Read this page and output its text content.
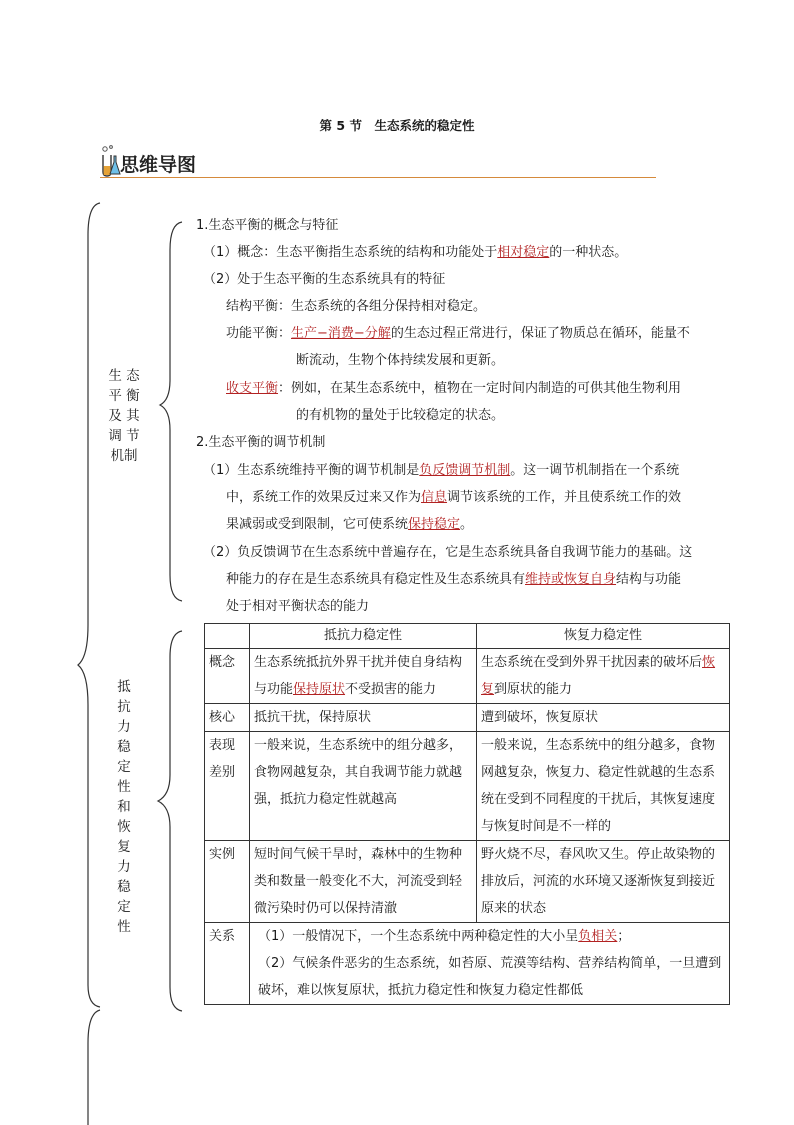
第 5 节　生态系统的稳定性
思维导图
生 态
平 衡
及 其
调 节
机制
1.生态平衡的概念与特征
（1）概念：生态平衡指生态系统的结构和功能处于相对稳定的一种状态。
（2）处于生态平衡的生态系统具有的特征
结构平衡：生态系统的各组分保持相对稳定。
功能平衡：生产−消费−分解的生态过程正常进行，保证了物质总在循环，能量不
断流动，生物个体持续发展和更新。
收支平衡：例如，在某生态系统中，植物在一定时间内制造的可供其他生物利用
的有机物的量处于比较稳定的状态。
2.生态平衡的调节机制
（1）生态系统维持平衡的调节机制是负反馈调节机制。这一调节机制指在一个系统
中，系统工作的效果反过来又作为信息调节该系统的工作，并且使系统工作的效
果减弱或受到限制，它可使系统保持稳定。
（2）负反馈调节在生态系统中普遍存在，它是生态系统具备自我调节能力的基础。这
种能力的存在是生态系统具有稳定性及生态系统具有维持或恢复自身结构与功能
处于相对平衡状态的能力
抵
抗
力
稳
定
性
和
恢
复
力
稳
定
性
	抵抗力稳定性	恢复力稳定性
概念	生态系统抵抗外界干扰并使自身结构与功能保持原状不受损害的能力	生态系统在受到外界干扰因素的破坏后恢复到原状的能力
核心	抵抗干扰，保持原状	遭到破坏，恢复原状
表现差别	一般来说，生态系统中的组分越多，食物网越复杂，其自我调节能力就越强，抵抗力稳定性就越高	一般来说，生态系统中的组分越多，食物网越复杂，恢复力、稳定性就越的生态系统在受到不同程度的干扰后，其恢复速度与恢复时间是不一样的
实例	短时间气候干旱时，森林中的生物种类和数量一般变化不大，河流受到轻微污染时仍可以保持清澈	野火烧不尽，春风吹又生。停止故染物的排放后，河流的水环境又逐渐恢复到接近原来的状态
关系	（1）一般情况下，一个生态系统中两种稳定性的大小呈负相关；
（2）气候条件恶劣的生态系统，如苔原、荒漠等结构、营养结构简单，一旦遭到破坏，难以恢复原状，抵抗力稳定性和恢复力稳定性都低	
